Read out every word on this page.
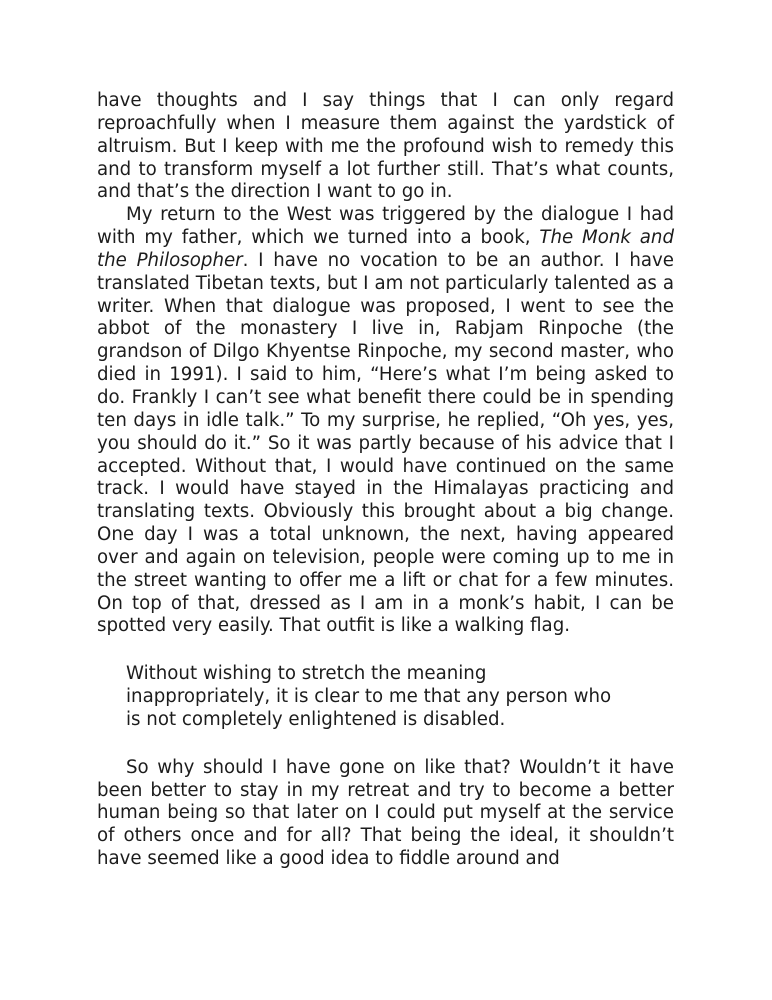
have thoughts and I say things that I can only regard reproachfully when I measure them against the yardstick of altruism. But I keep with me the profound wish to remedy this and to transform myself a lot further still. That’s what counts, and that’s the direction I want to go in.

My return to the West was triggered by the dialogue I had with my father, which we turned into a book, The Monk and the Philosopher. I have no vocation to be an author. I have translated Tibetan texts, but I am not particularly talented as a writer. When that dialogue was proposed, I went to see the abbot of the monastery I live in, Rabjam Rinpoche (the grandson of Dilgo Khyentse Rinpoche, my second master, who died in 1991). I said to him, “Here’s what I’m being asked to do. Frankly I can’t see what benefit there could be in spending ten days in idle talk.” To my surprise, he replied, “Oh yes, yes, you should do it.” So it was partly because of his advice that I accepted. Without that, I would have continued on the same track. I would have stayed in the Himalayas practicing and translating texts. Obviously this brought about a big change. One day I was a total unknown, the next, having appeared over and again on television, people were coming up to me in the street wanting to offer me a lift or chat for a few minutes. On top of that, dressed as I am in a monk’s habit, I can be spotted very easily. That outfit is like a walking flag.

Without wishing to stretch the meaning
inappropriately, it is clear to me that any person who
is not completely enlightened is disabled.

So why should I have gone on like that? Wouldn’t it have been better to stay in my retreat and try to become a better human being so that later on I could put myself at the service of others once and for all? That being the ideal, it shouldn’t have seemed like a good idea to fiddle around and
